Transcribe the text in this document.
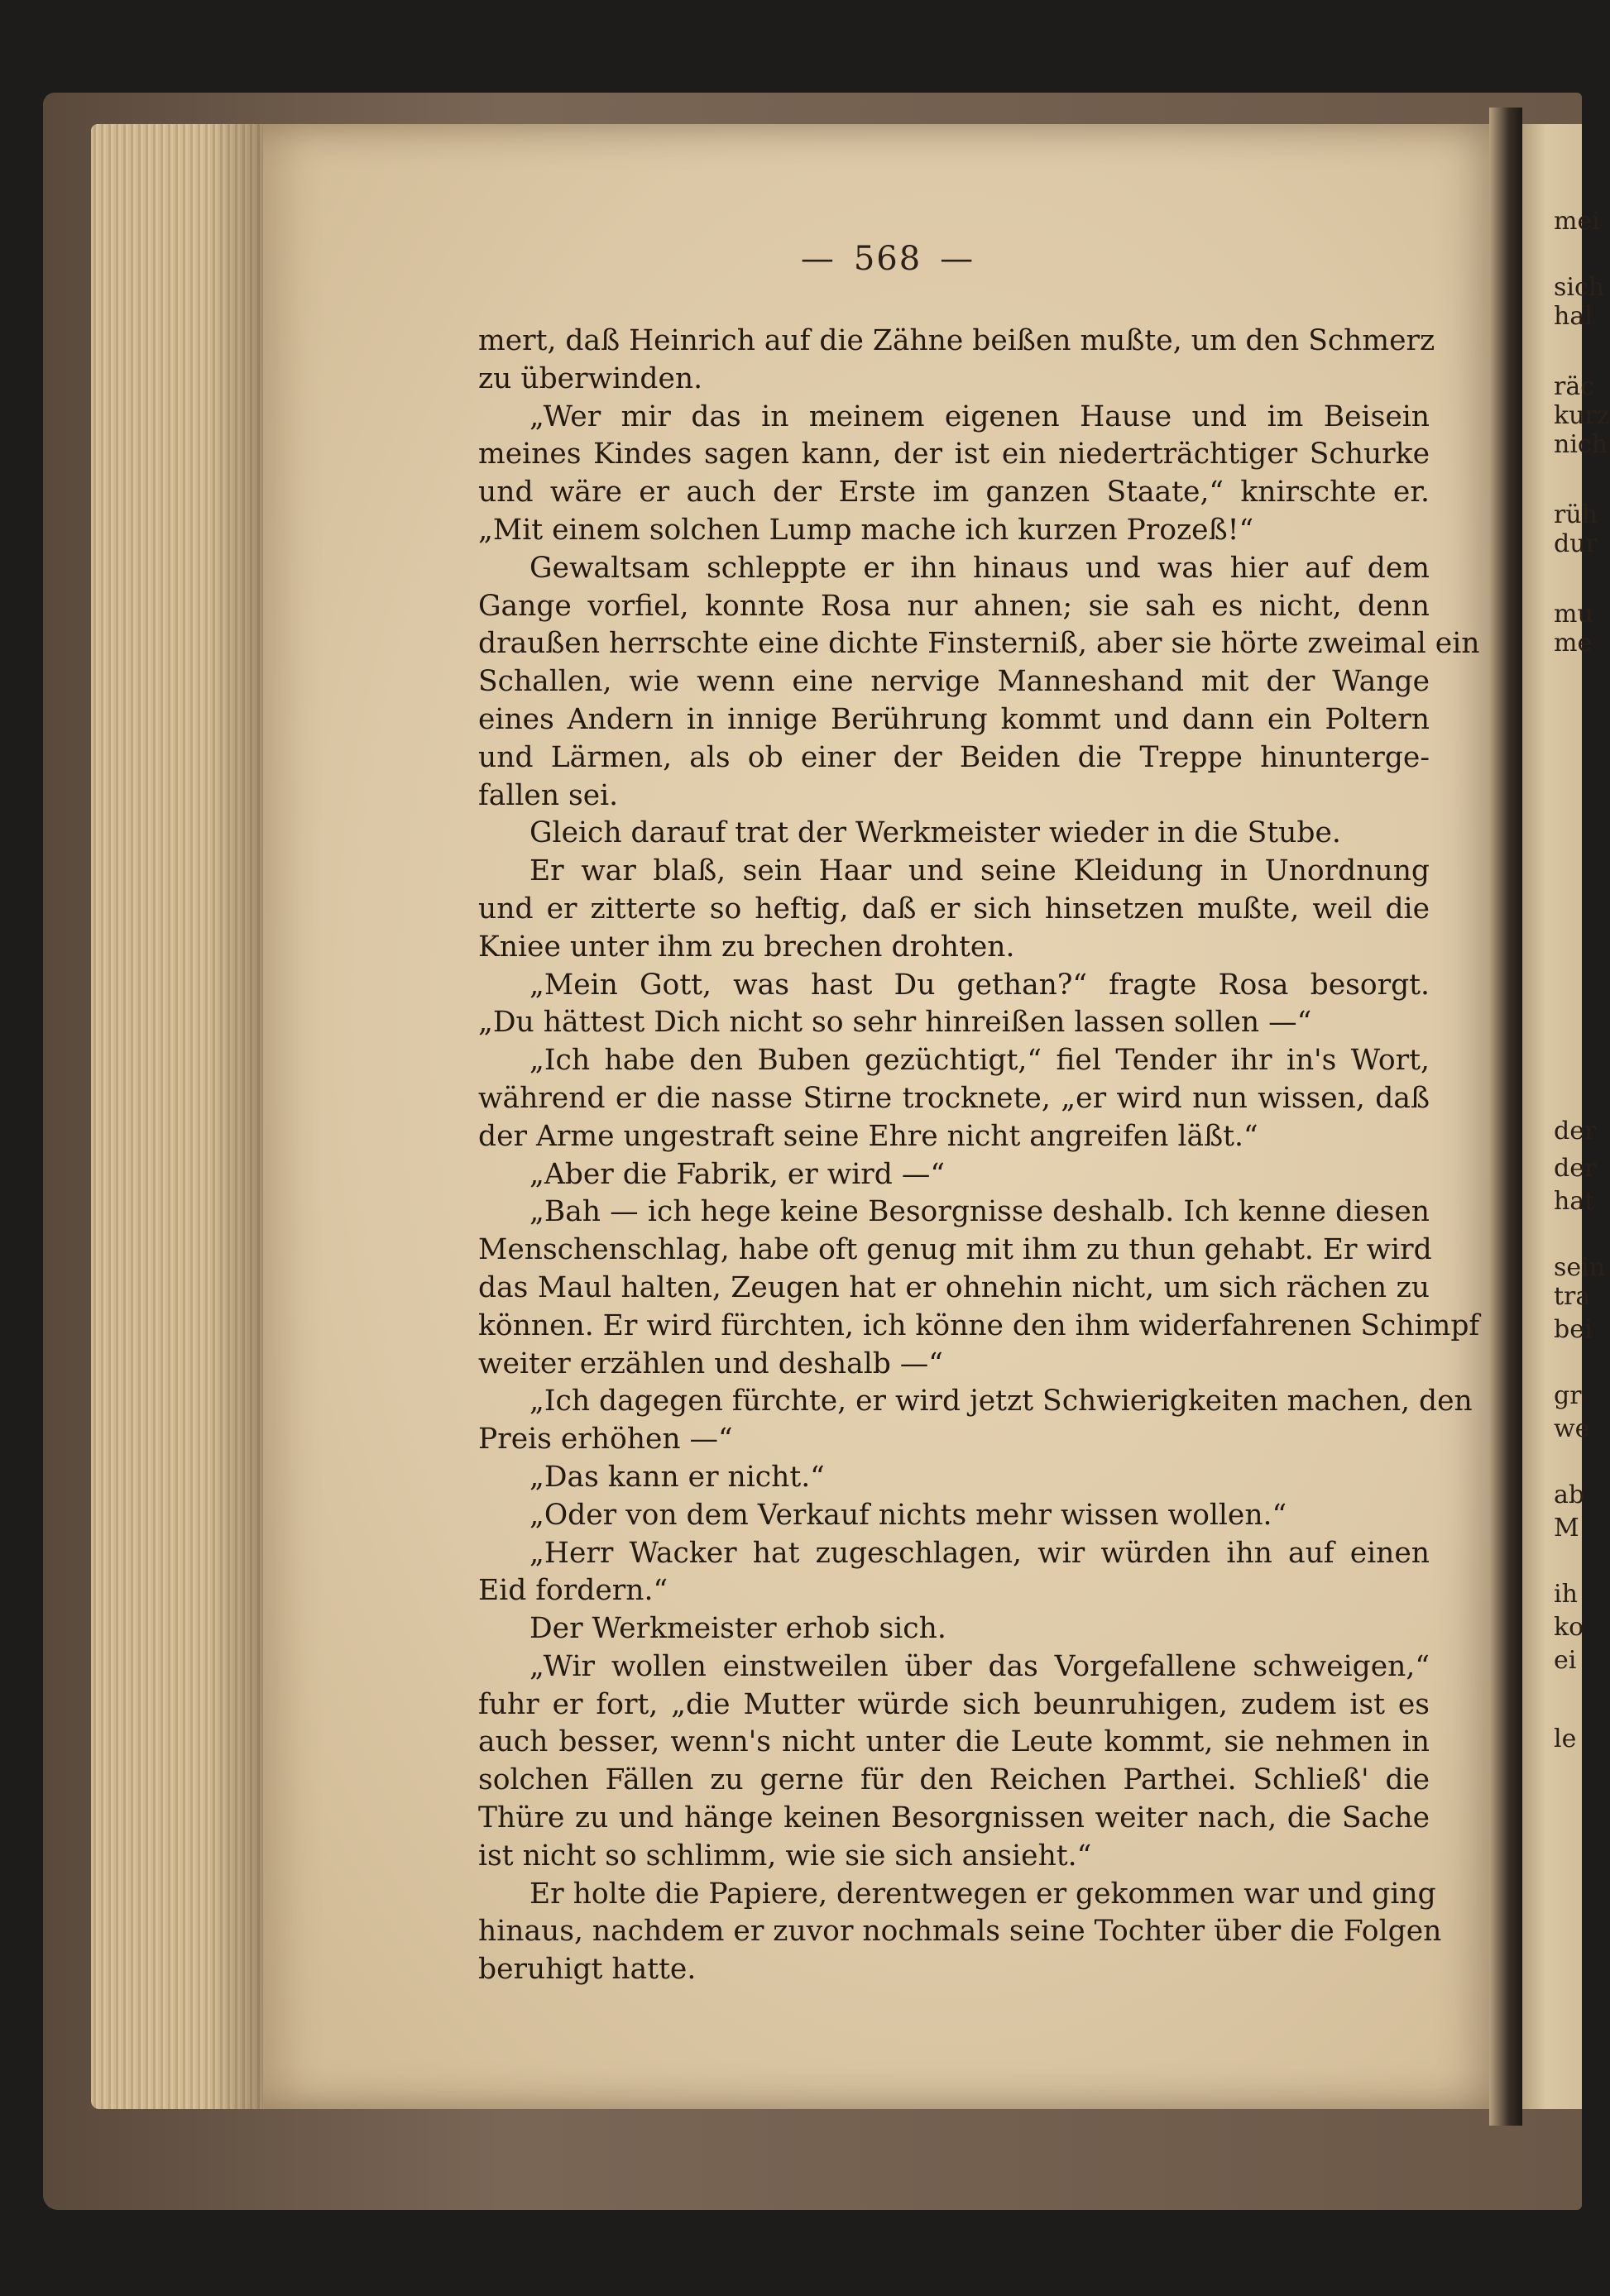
— 568 —
mert, daß Heinrich auf die Zähne beißen mußte, um den Schmerz
zu überwinden.
„Wer mir das in meinem eigenen Hause und im Beisein
meines Kindes sagen kann, der ist ein niederträchtiger Schurke
und wäre er auch der Erste im ganzen Staate,“ knirschte er.
„Mit einem solchen Lump mache ich kurzen Prozeß!“
Gewaltsam schleppte er ihn hinaus und was hier auf dem
Gange vorfiel, konnte Rosa nur ahnen; sie sah es nicht, denn
draußen herrschte eine dichte Finsterniß, aber sie hörte zweimal ein
Schallen, wie wenn eine nervige Manneshand mit der Wange
eines Andern in innige Berührung kommt und dann ein Poltern
und Lärmen, als ob einer der Beiden die Treppe hinunterge-
fallen sei.
Gleich darauf trat der Werkmeister wieder in die Stube.
Er war blaß, sein Haar und seine Kleidung in Unordnung
und er zitterte so heftig, daß er sich hinsetzen mußte, weil die
Kniee unter ihm zu brechen drohten.
„Mein Gott, was hast Du gethan?“ fragte Rosa besorgt.
„Du hättest Dich nicht so sehr hinreißen lassen sollen —“
„Ich habe den Buben gezüchtigt,“ fiel Tender ihr in's Wort,
während er die nasse Stirne trocknete, „er wird nun wissen, daß
der Arme ungestraft seine Ehre nicht angreifen läßt.“
„Aber die Fabrik, er wird —“
„Bah — ich hege keine Besorgnisse deshalb. Ich kenne diesen
Menschenschlag, habe oft genug mit ihm zu thun gehabt. Er wird
das Maul halten, Zeugen hat er ohnehin nicht, um sich rächen zu
können. Er wird fürchten, ich könne den ihm widerfahrenen Schimpf
weiter erzählen und deshalb —“
„Ich dagegen fürchte, er wird jetzt Schwierigkeiten machen, den
Preis erhöhen —“
„Das kann er nicht.“
„Oder von dem Verkauf nichts mehr wissen wollen.“
„Herr Wacker hat zugeschlagen, wir würden ihn auf einen
Eid fordern.“
Der Werkmeister erhob sich.
„Wir wollen einstweilen über das Vorgefallene schweigen,“
fuhr er fort, „die Mutter würde sich beunruhigen, zudem ist es
auch besser, wenn's nicht unter die Leute kommt, sie nehmen in
solchen Fällen zu gerne für den Reichen Parthei. Schließ' die
Thüre zu und hänge keinen Besorgnissen weiter nach, die Sache
ist nicht so schlimm, wie sie sich ansieht.“
Er holte die Papiere, derentwegen er gekommen war und ging
hinaus, nachdem er zuvor nochmals seine Tochter über die Folgen
beruhigt hatte.
mei
sich
hal
räc
kurz
nich
rüh
dur
mu
me
der
der
hat
sein
tra
bei
gr
we
ab
M
ih
ko
ei
le
